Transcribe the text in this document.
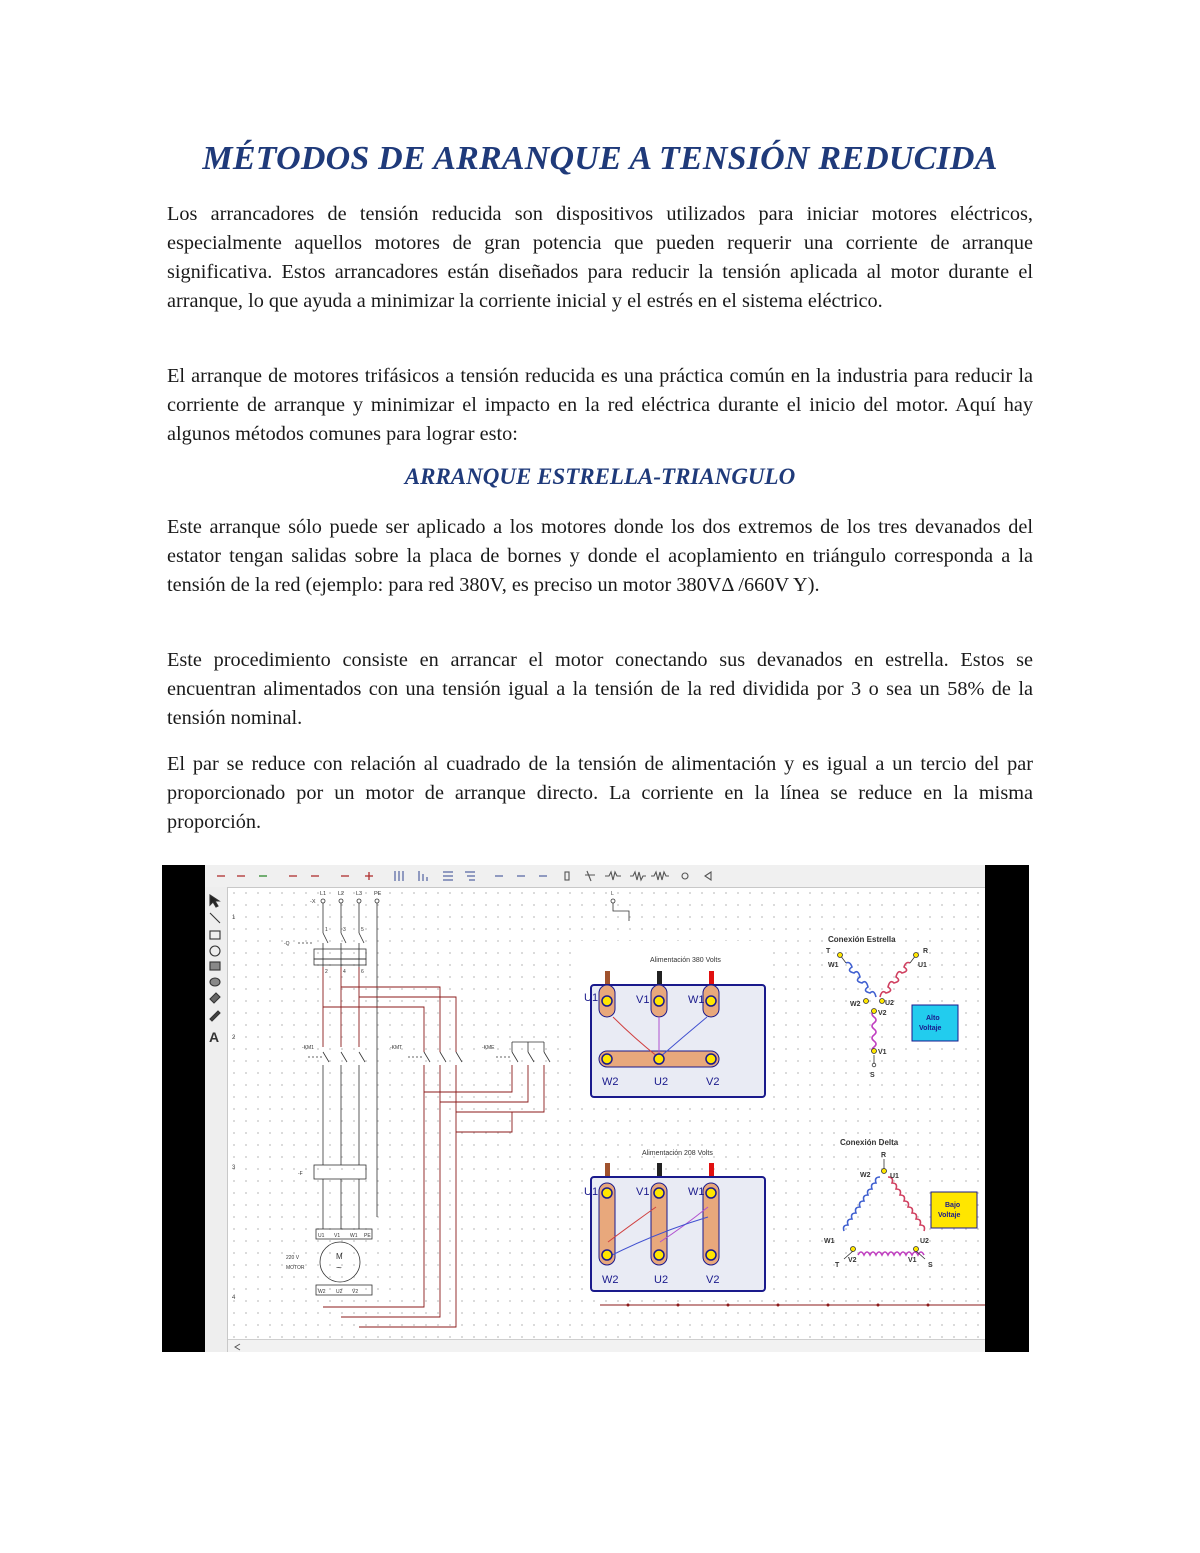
MÉTODOS DE ARRANQUE A TENSIÓN REDUCIDA

Los arrancadores de tensión reducida son dispositivos utilizados para iniciar motores eléctricos, especialmente aquellos motores de gran potencia que pueden requerir una corriente de arranque significativa. Estos arrancadores están diseñados para reducir la tensión aplicada al motor durante el arranque, lo que ayuda a minimizar la corriente inicial y el estrés en el sistema eléctrico.

El arranque de motores trifásicos a tensión reducida es una práctica común en la industria para reducir la corriente de arranque y minimizar el impacto en la red eléctrica durante el inicio del motor. Aquí hay algunos métodos comunes para lograr esto:

ARRANQUE ESTRELLA-TRIANGULO

Este arranque sólo puede ser aplicado a los motores donde los dos extremos de los tres devanados del estator tengan salidas sobre la placa de bornes y donde el acoplamiento en triángulo corresponda a la tensión de la red (ejemplo: para red 380V, es preciso un motor 380VΔ /660V Y).

Este procedimiento consiste en arrancar el motor conectando sus devanados en estrella. Estos se encuentran alimentados con una tensión igual a la tensión de la red dividida por 3 o sea un 58% de la tensión nominal.

El par se reduce con relación al cuadrado de la tensión de alimentación y es igual a un tercio del par proporcionado por un motor de arranque directo. La corriente en la línea se reduce en la misma proporción.

A
1
2
3
4
L1 L2 L3 PE
-X
-Q
1	3	5
2	4	6
-KM1	-KMT	-KME
-F
U1 V1 W1 PE
W2 U2 V2
220 V
MOTOR
M
~
L
Alimentación 380 Volts
U1	V1	W1
W2	U2	V2
Alimentación 208 Volts
U1	V1	W1
W2	U2	V2
Conexión Estrella
T	R
W1	U1
W2	U2
V2
V1
S
Alto
Voltaje
Conexión Delta
R
W2	U1
W1	U2
V2	V1
T	S
Bajo
Voltaje
